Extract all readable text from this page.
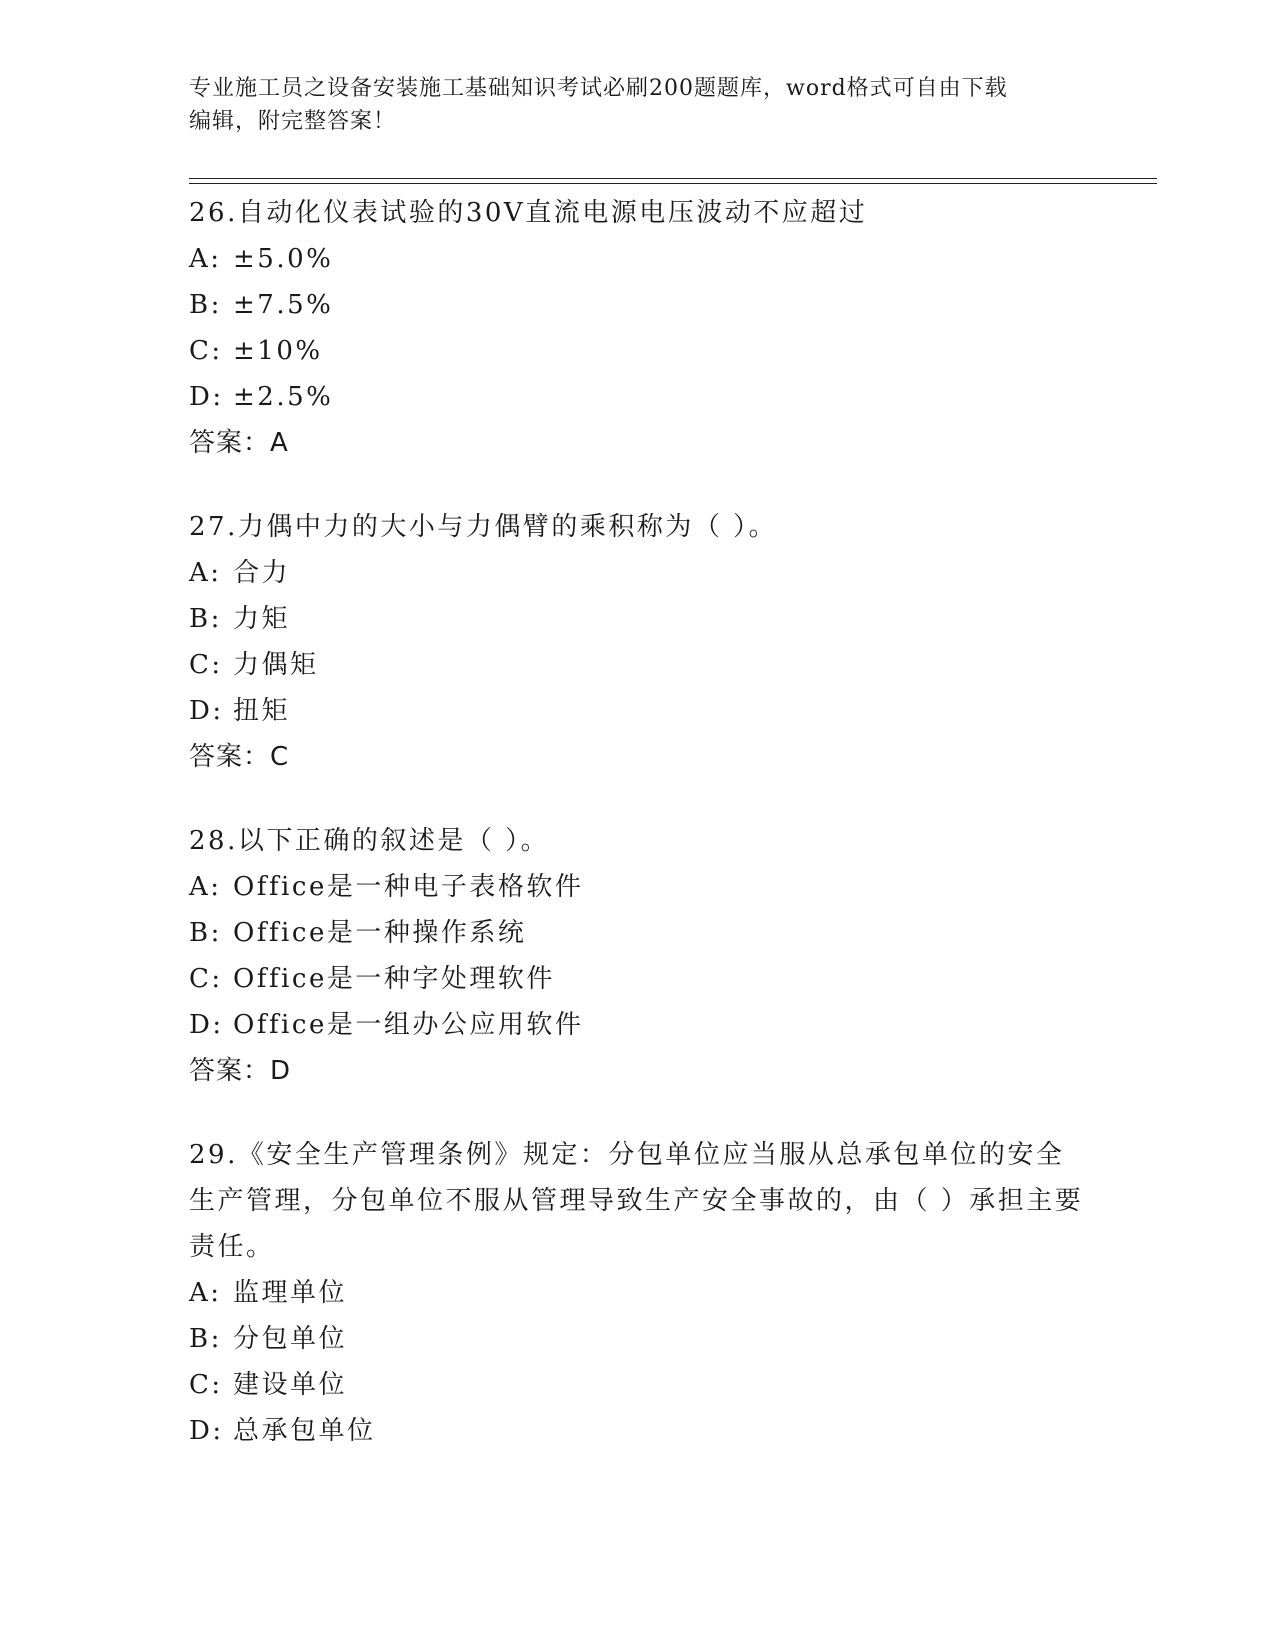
专业施工员之设备安装施工基础知识考试必刷200题题库，word格式可自由下载
编辑，附完整答案！

26.自动化仪表试验的30V直流电源电压波动不应超过

A: ±5.0%
B: ±7.5%
C: ±10%
D: ±2.5%

答案：A

27.力偶中力的大小与力偶臂的乘积称为（ ）。

A: 合力
B: 力矩
C: 力偶矩
D: 扭矩

答案：C

28.以下正确的叙述是（ ）。

A: Office是一种电子表格软件
B: Office是一种操作系统
C: Office是一种字处理软件
D: Office是一组办公应用软件

答案：D

29.《安全生产管理条例》规定：分包单位应当服从总承包单位的安全生产管理，分包单位不服从管理导致生产安全事故的，由（ ）承担主要责任。

A: 监理单位
B: 分包单位
C: 建设单位
D: 总承包单位
